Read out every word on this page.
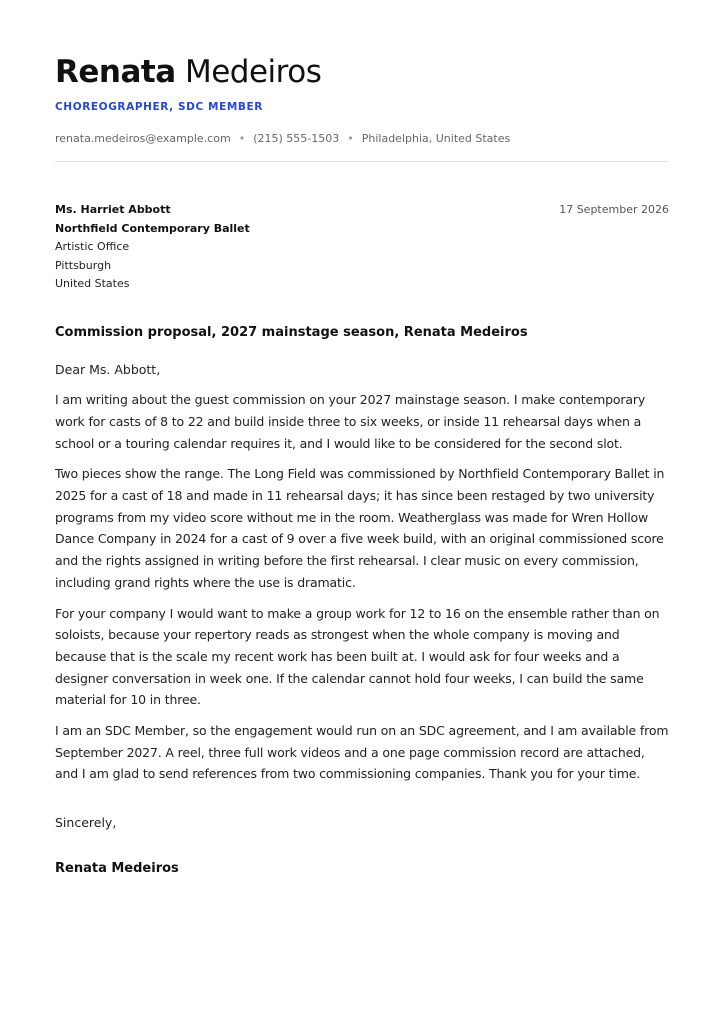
Renata Medeiros
CHOREOGRAPHER, SDC MEMBER
renata.medeiros@example.com • (215) 555-1503 • Philadelphia, United States
Ms. Harriet Abbott
Northfield Contemporary Ballet
Artistic Office
Pittsburgh
United States
17 September 2026
Commission proposal, 2027 mainstage season, Renata Medeiros
Dear Ms. Abbott,
I am writing about the guest commission on your 2027 mainstage season. I make contemporary work for casts of 8 to 22 and build inside three to six weeks, or inside 11 rehearsal days when a school or a touring calendar requires it, and I would like to be considered for the second slot.
Two pieces show the range. The Long Field was commissioned by Northfield Contemporary Ballet in 2025 for a cast of 18 and made in 11 rehearsal days; it has since been restaged by two university programs from my video score without me in the room. Weatherglass was made for Wren Hollow Dance Company in 2024 for a cast of 9 over a five week build, with an original commissioned score and the rights assigned in writing before the first rehearsal. I clear music on every commission, including grand rights where the use is dramatic.
For your company I would want to make a group work for 12 to 16 on the ensemble rather than on soloists, because your repertory reads as strongest when the whole company is moving and because that is the scale my recent work has been built at. I would ask for four weeks and a designer conversation in week one. If the calendar cannot hold four weeks, I can build the same material for 10 in three.
I am an SDC Member, so the engagement would run on an SDC agreement, and I am available from September 2027. A reel, three full work videos and a one page commission record are attached, and I am glad to send references from two commissioning companies. Thank you for your time.
Sincerely,
Renata Medeiros
